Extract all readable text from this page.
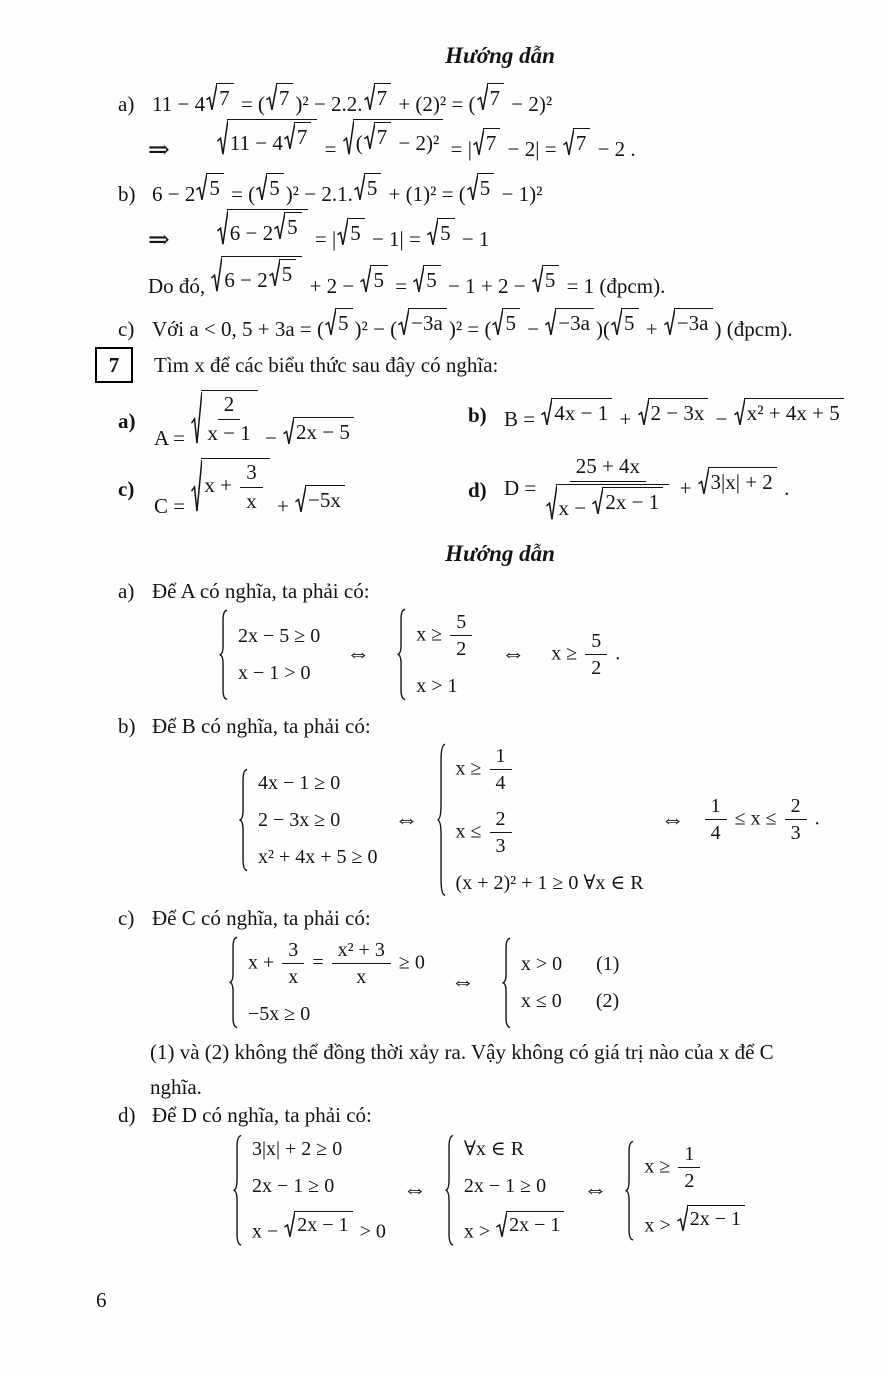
Hướng dẫn
a) 11 − 4 7 = ( 7 )² − 2.2. 7 + (2)² = ( 7 − 2)²
⇒	11 − 4 7 = ( 7 − 2)² = | 7 − 2| = 7 − 2 .
b) 6 − 2 5 = ( 5 )² − 2.1. 5 + (1)² = ( 5 − 1)²
⇒	6 − 2 5 = | 5 − 1| = 5 − 1
Do đó, 6 − 2 5 + 2 − 5 = 5 − 1 + 2 − 5 = 1 (đpcm).
c) Với a < 0, 5 + 3a = ( 5 )² − ( −3a )² = ( 5 − −3a )( 5 + −3a ) (đpcm).
7	Tìm x để các biểu thức sau đây có nghĩa:
a)
$A = \frac{2}{x - 1} - 2x - 5$
b) B = 4x − 1 + 2 − 3x − x² + 4x + 5
c)
C =
$x + \frac{3}{x} + -5x$	d) $D = \frac{25 + 4x}{x - 2x - 1} + 3|x| + 2$ .
Hướng dẫn
a) Để A có nghĩa, ta phải có:
2x − 5 ≥ 0
x − 1 > 0
⇔
$x \ge \frac{5}{2}$
x > 1
⇔ $x \ge \frac{5}{2}$ .
b) Để B có nghĩa, ta phải có:
4x − 1 ≥ 0
2 − 3x ≥ 0
x² + 4x + 5 ≥ 0
⇔
$x \ge \frac{1}{4}$
$x \le \frac{2}{3}$
(x + 2)² + 1 ≥ 0 ∀x ∈ R
⇔ $\frac{1}{4} \le x \le \frac{2}{3}$ .
c) Để C có nghĩa, ta phải có:
$x + \frac{3}{x} = \frac{\text{x² + 3}}{x} \ge 0$
−5x ≥ 0
⇔
x > 0 (1)
x ≤ 0 (2)
(1) và (2) không thể đồng thời xảy ra. Vậy không có giá trị nào của x để C
nghĩa.
d) Để D có nghĩa, ta phải có:
3|x| + 2 ≥ 0
2x − 1 ≥ 0
x − 2x − 1 > 0
⇔
∀x ∈ R
2x − 1 ≥ 0
x > 2x − 1
⇔
$x \ge \frac{1}{2}$
x > 2x − 1
6
